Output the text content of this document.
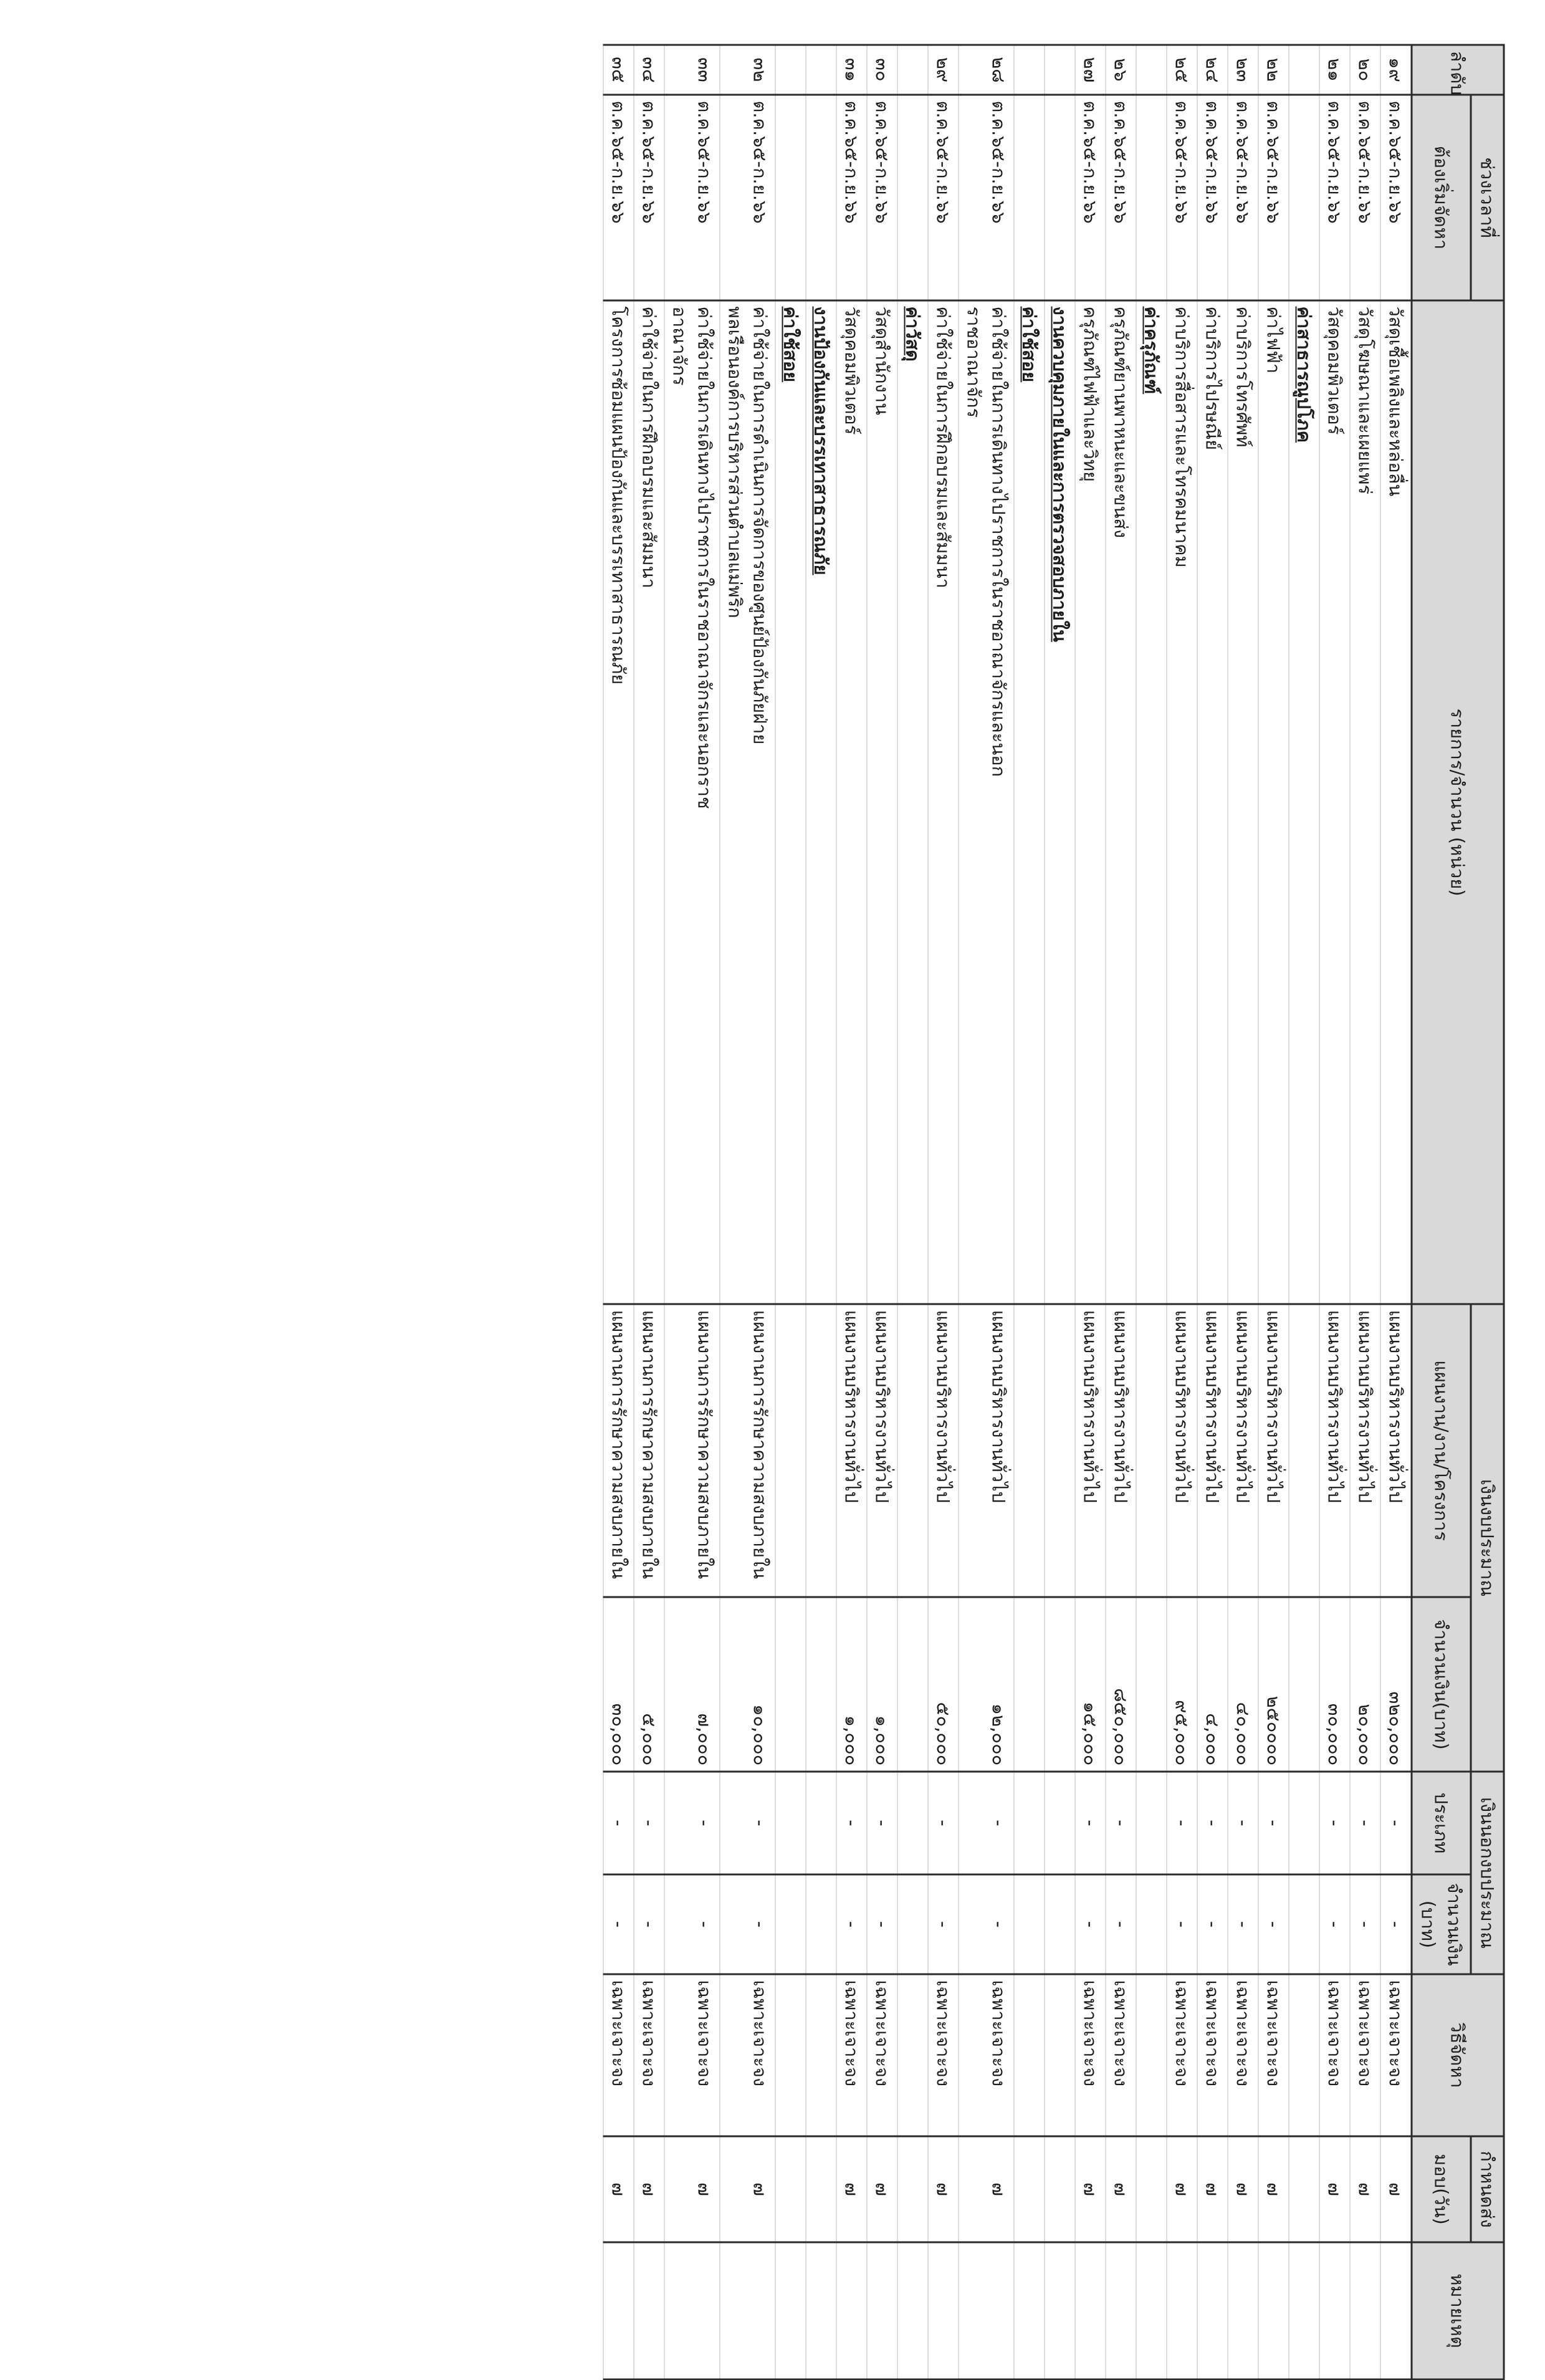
ลำดับ	ช่วงเวลาที่	รายการ/จำนวน (หน่วย)	เงินงบประมาณ		เงินนอกงบประมาณ		วิธีจัดหา	กำหนดส่ง	หมายเหตุ
	ต้องเริ่มจัดหา		แผนงาน/งาน/โครงการ	จำนวนเงิน(บาท)	ประเภท	จำนวนเงิน (บาท)		มอบ(วัน)	
๑๙	ต.ค.๖๕-ก.ย.๖๖	วัสดุเชื้อเพลิงและหล่อลื่น	แผนงานบริหารงานทั่วไป	๓๒๐,๐๐๐	-	-	เฉพาะเจาะจง	๗	
๒๐	ต.ค.๖๕-ก.ย.๖๖	วัสดุโฆษณาและเผยแพร่	แผนงานบริหารงานทั่วไป	๒๐,๐๐๐	-	-	เฉพาะเจาะจง	๗	
๒๑	ต.ค.๖๕-ก.ย.๖๖	วัสดุคอมพิวเตอร์	แผนงานบริหารงานทั่วไป	๓๐,๐๐๐	-	-	เฉพาะเจาะจง	๗	
		ค่าสาธารณูปโภค							
๒๒	ต.ค.๖๕-ก.ย.๖๖	ค่าไฟฟ้า	แผนงานบริหารงานทั่วไป	๒๕๐๐๐๐	-	-	เฉพาะเจาะจง	๗	
๒๓	ต.ค.๖๕-ก.ย.๖๖	ค่าบริการโทรศัพท์	แผนงานบริหารงานทั่วไป	๔๐,๐๐๐	-	-	เฉพาะเจาะจง	๗	
๒๔	ต.ค.๖๕-ก.ย.๖๖	ค่าบริการไปรษณีย์	แผนงานบริหารงานทั่วไป	๔,๐๐๐	-	-	เฉพาะเจาะจง	๗	
๒๕	ต.ค.๖๕-ก.ย.๖๖	ค่าบริการสื่อสารและโทรคมนาคม	แผนงานบริหารงานทั่วไป	๙๕,๐๐๐	-	-	เฉพาะเจาะจง	๗	
		ค่าครุภัณฑ์							
๒๖	ต.ค.๖๕-ก.ย.๖๖	ครุภัณฑ์ยานพาหนะและขนส่ง	แผนงานบริหารงานทั่วไป	๘๕๐,๐๐๐	-	-	เฉพาะเจาะจง	๗	
๒๗	ต.ค.๖๕-ก.ย.๖๖	ครุภัณฑ์ไฟฟ้าและวิทยุ	แผนงานบริหารงานทั่วไป	๑๕,๐๐๐	-	-	เฉพาะเจาะจง	๗	
		งานควบคุมภายในและการตรวจสอบภายใน							
		ค่าใช้สอย							
๒๘	ต.ค.๖๕-ก.ย.๖๖	ค่าใช้จ่ายในการเดินทางไปราชการในราชอาณาจักรและนอก
ราชอาณาจักร	แผนงานบริหารงานทั่วไป	๑๒,๐๐๐	-	-	เฉพาะเจาะจง	๗	
๒๙	ต.ค.๖๕-ก.ย.๖๖	ค่าใช้จ่ายในการฝึกอบรมและสัมมนา	แผนงานบริหารงานทั่วไป	๕๐,๐๐๐	-	-	เฉพาะเจาะจง	๗	
		ค่าวัสดุ							
๓๐	ต.ค.๖๕-ก.ย.๖๖	วัสดุสำนักงาน	แผนงานบริหารงานทั่วไป	๑,๐๐๐	-	-	เฉพาะเจาะจง	๗	
๓๑	ต.ค.๖๕-ก.ย.๖๖	วัสดุคอมพิวเตอร์	แผนงานบริหารงานทั่วไป	๑,๐๐๐	-	-	เฉพาะเจาะจง	๗	
		งานป้องกันและบรรเทาสาธารณภัย							
		ค่าใช้สอย							
๓๒	ต.ค.๖๕-ก.ย.๖๖	ค่าใช้จ่ายในการดำเนินการจัดการของศูนย์ป้องกันภัยฝ่าย
พลเรือนองค์การบริหารส่วนตำบลแม่พริก	แผนงานการรักษาความสงบภายใน	๑๐,๐๐๐	-	-	เฉพาะเจาะจง	๗	
๓๓	ต.ค.๖๕-ก.ย.๖๖	ค่าใช้จ่ายในการเดินทางไปราชการในราชอาณาจักรและนอกราช
อาณาจักร	แผนงานการรักษาความสงบภายใน	๗,๐๐๐	-	-	เฉพาะเจาะจง	๗	
๓๔	ต.ค.๖๕-ก.ย.๖๖	ค่าใช้จ่ายในการฝึกอบรมและสัมมนา	แผนงานการรักษาความสงบภายใน	๕,๐๐๐	-	-	เฉพาะเจาะจง	๗	
๓๕	ต.ค.๖๕-ก.ย.๖๖	โครงการซ้อมแผนป้องกันและบรรเทาสาธารณภัย	แผนงานการรักษาความสงบภายใน	๓๐,๐๐๐	-	-	เฉพาะเจาะจง	๗	
